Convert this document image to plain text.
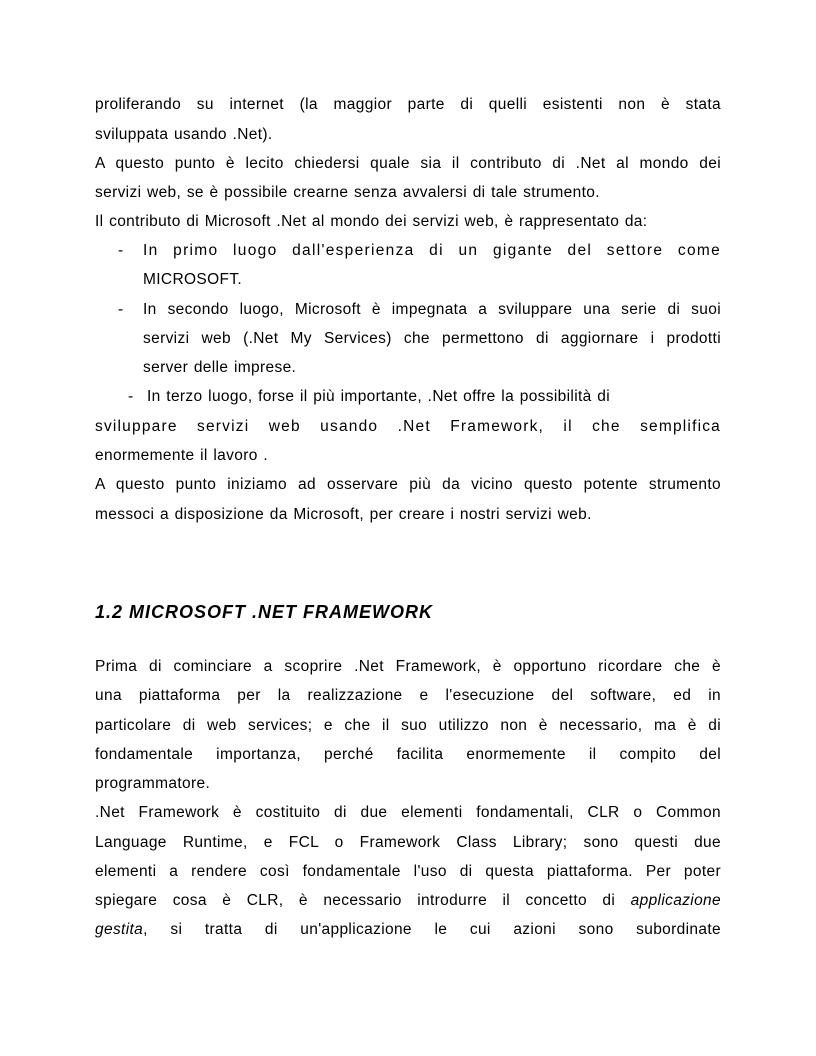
proliferando su internet (la maggior parte di quelli esistenti non è stata
sviluppata usando .Net).
A questo punto è lecito chiedersi quale sia il contributo di .Net al mondo dei
servizi web, se è possibile crearne senza avvalersi di tale strumento.
Il contributo di Microsoft .Net al mondo dei servizi web, è rappresentato da:
- In primo luogo dall'esperienza di un gigante del settore come
MICROSOFT.
- In secondo luogo, Microsoft è impegnata a sviluppare una serie di suoi
servizi web (.Net My Services) che permettono di aggiornare i prodotti
server delle imprese.
- In terzo luogo, forse il più importante, .Net offre la possibilità di
sviluppare servizi web usando .Net Framework, il che semplifica
enormemente il lavoro .
A questo punto iniziamo ad osservare più da vicino questo potente strumento
messoci a disposizione da Microsoft, per creare i nostri servizi web.
1.2 MICROSOFT .NET FRAMEWORK
Prima di cominciare a scoprire .Net Framework, è opportuno ricordare che è
una piattaforma per la realizzazione e l'esecuzione del software, ed in
particolare di web services; e che il suo utilizzo non è necessario, ma è di
fondamentale importanza, perché facilita enormemente il compito del
programmatore.
.Net Framework è costituito di due elementi fondamentali, CLR o Common
Language Runtime, e FCL o Framework Class Library; sono questi due
elementi a rendere così fondamentale l'uso di questa piattaforma. Per poter
spiegare cosa è CLR, è necessario introdurre il concetto di applicazione
gestita, si tratta di un'applicazione le cui azioni sono subordinate
